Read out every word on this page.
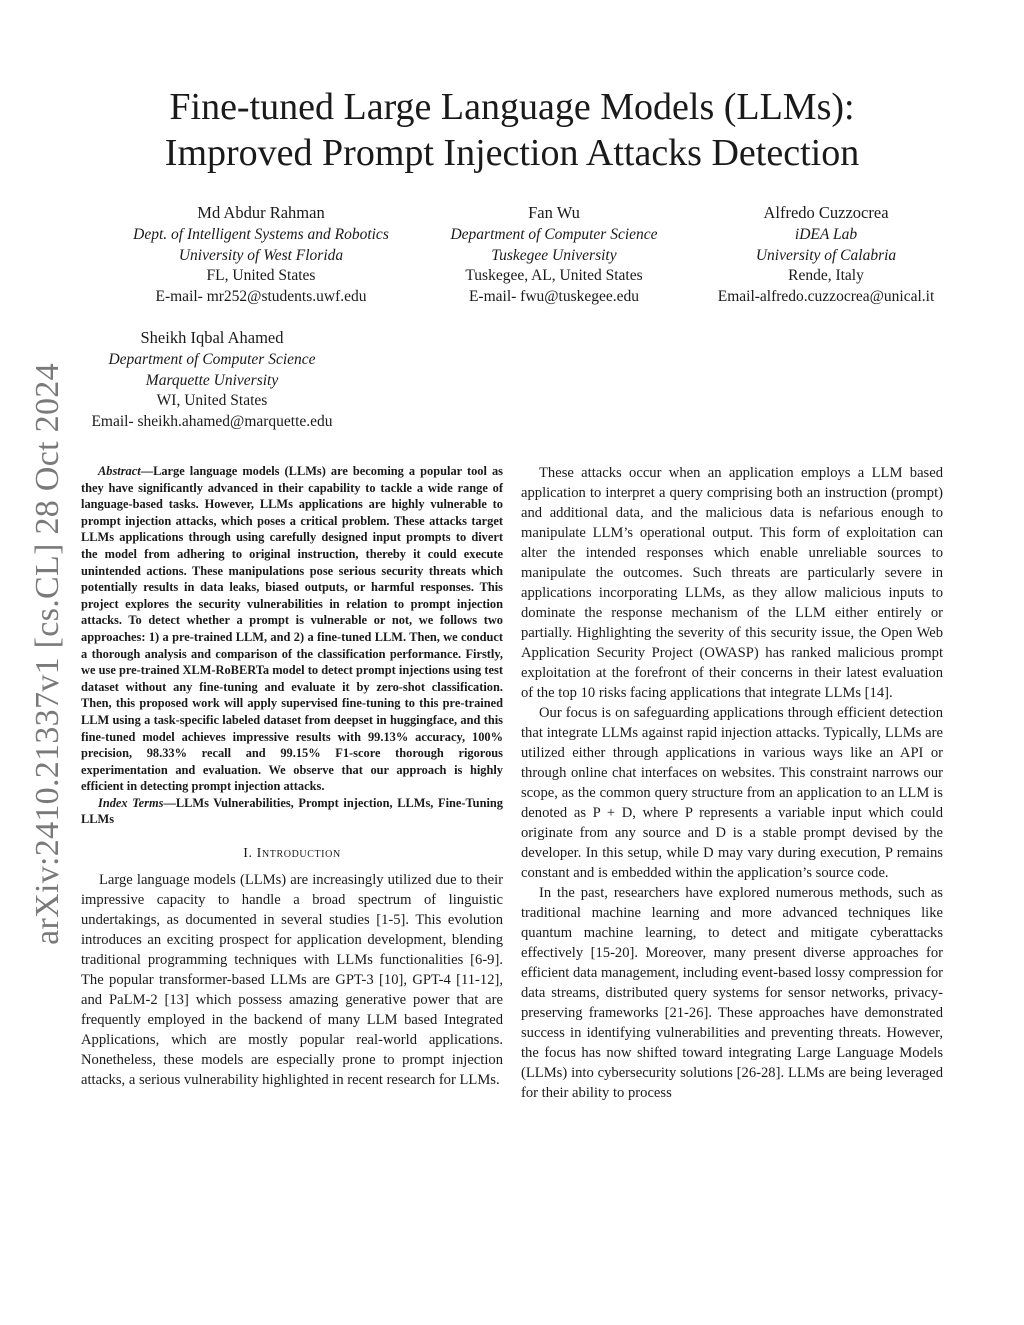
Fine-tuned Large Language Models (LLMs):
Improved Prompt Injection Attacks Detection
Md Abdur Rahman
Dept. of Intelligent Systems and Robotics
University of West Florida
FL, United States
E-mail- mr252@students.uwf.edu
Fan Wu
Department of Computer Science
Tuskegee University
Tuskegee, AL, United States
E-mail- fwu@tuskegee.edu
Alfredo Cuzzocrea
iDEA Lab
University of Calabria
Rende, Italy
Email-alfredo.cuzzocrea@unical.it
Sheikh Iqbal Ahamed
Department of Computer Science
Marquette University
WI, United States
Email- sheikh.ahamed@marquette.edu
arXiv:2410.21337v1 [cs.CL] 28 Oct 2024	Abstract—Large language models (LLMs) are becoming a popular tool as they have significantly advanced in their capability to tackle a wide range of language-based tasks. However, LLMs applications are highly vulnerable to prompt injection attacks, which poses a critical problem. These attacks target LLMs applications through using carefully designed input prompts to divert the model from adhering to original instruction, thereby it could execute unintended actions. These manipulations pose serious security threats which potentially results in data leaks, biased outputs, or harmful responses. This project explores the security vulnerabilities in relation to prompt injection attacks. To detect whether a prompt is vulnerable or not, we follows two approaches: 1) a pre-trained LLM, and 2) a fine-tuned LLM. Then, we conduct a thorough analysis and comparison of the classification performance. Firstly, we use pre-trained XLM-RoBERTa model to detect prompt injections using test dataset without any fine-tuning and evaluate it by zero-shot classification. Then, this proposed work will apply supervised fine-tuning to this pre-trained LLM using a task-specific labeled dataset from deepset in huggingface, and this fine-tuned model achieves impressive results with 99.13% accuracy, 100% precision, 98.33% recall and 99.15% F1-score thorough rigorous experimentation and evaluation. We observe that our approach is highly efficient in detecting prompt injection attacks.

Index Terms—LLMs Vulnerabilities, Prompt injection, LLMs, Fine-Tuning LLMs

I. Introduction

Large language models (LLMs) are increasingly utilized due to their impressive capacity to handle a broad spectrum of linguistic undertakings, as documented in several studies [1-5]. This evolution introduces an exciting prospect for application development, blending traditional programming techniques with LLMs functionalities [6-9]. The popular transformer-based LLMs are GPT-3 [10], GPT-4 [11-12], and PaLM-2 [13] which possess amazing generative power that are frequently employed in the backend of many LLM based Integrated Applications, which are mostly popular real-world applications. Nonetheless, these models are especially prone to prompt injection attacks, a serious vulnerability highlighted in recent research for LLMs.

These attacks occur when an application employs a LLM based application to interpret a query comprising both an instruction (prompt) and additional data, and the malicious data is nefarious enough to manipulate LLM’s operational output. This form of exploitation can alter the intended responses which enable unreliable sources to manipulate the outcomes. Such threats are particularly severe in applications incorporating LLMs, as they allow malicious inputs to dominate the response mechanism of the LLM either entirely or partially. Highlighting the severity of this security issue, the Open Web Application Security Project (OWASP) has ranked malicious prompt exploitation at the forefront of their concerns in their latest evaluation of the top 10 risks facing applications that integrate LLMs [14].

Our focus is on safeguarding applications through efficient detection that integrate LLMs against rapid injection attacks. Typically, LLMs are utilized either through applications in various ways like an API or through online chat interfaces on websites. This constraint narrows our scope, as the common query structure from an application to an LLM is denoted as P + D, where P represents a variable input which could originate from any source and D is a stable prompt devised by the developer. In this setup, while D may vary during execution, P remains constant and is embedded within the application’s source code.

In the past, researchers have explored numerous methods, such as traditional machine learning and more advanced techniques like quantum machine learning, to detect and mitigate cyberattacks effectively [15-20]. Moreover, many present diverse approaches for efficient data management, including event-based lossy compression for data streams, distributed query systems for sensor networks, privacy-preserving frameworks [21-26]. These approaches have demonstrated success in identifying vulnerabilities and preventing threats. However, the focus has now shifted toward integrating Large Language Models (LLMs) into cybersecurity solutions [26-28]. LLMs are being leveraged for their ability to process
